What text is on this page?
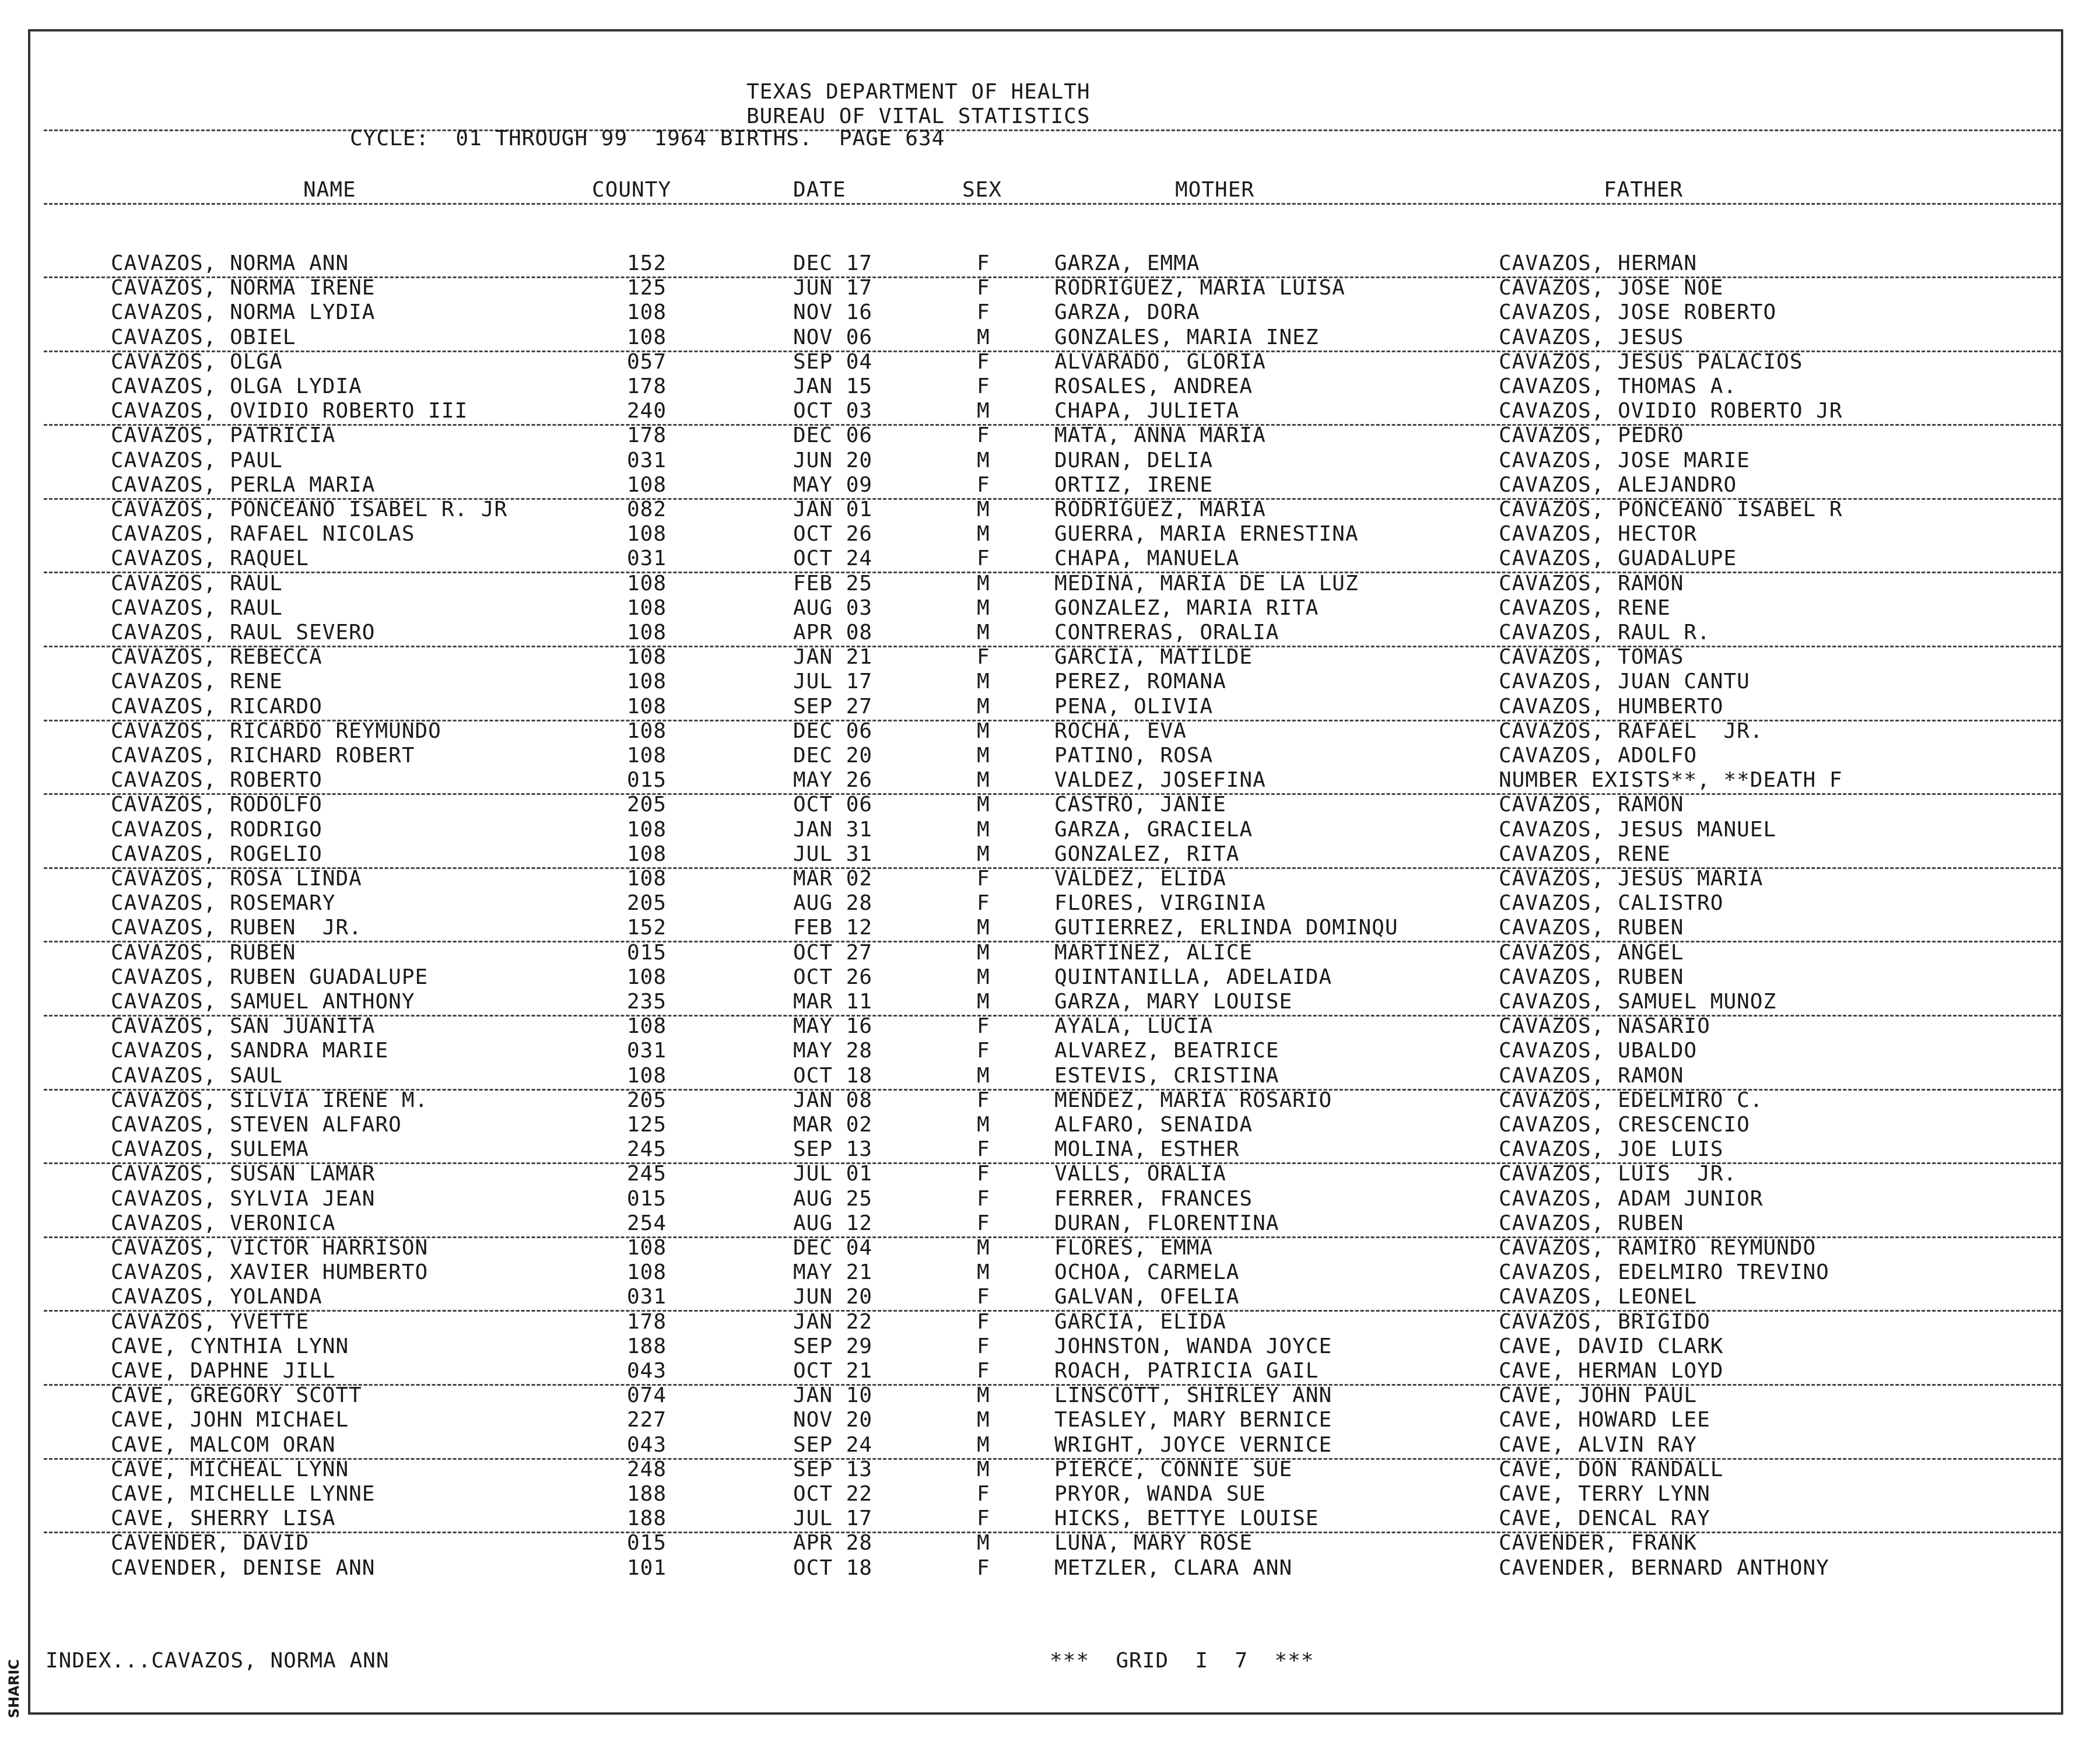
TEXAS DEPARTMENT OF HEALTH
BUREAU OF VITAL STATISTICS
CYCLE:  01 THROUGH 99  1964 BIRTHS.  PAGE 634
NAME	COUNTY	DATE	SEX	MOTHER	FATHER
CAVAZOS, NORMA ANN	152	DEC 17	F	GARZA, EMMA	CAVAZOS, HERMAN
CAVAZOS, NORMA IRENE	125	JUN 17	F	RODRIGUEZ, MARIA LUISA	CAVAZOS, JOSE NOE
CAVAZOS, NORMA LYDIA	108	NOV 16	F	GARZA, DORA	CAVAZOS, JOSE ROBERTO
CAVAZOS, OBIEL	108	NOV 06	M	GONZALES, MARIA INEZ	CAVAZOS, JESUS
CAVAZOS, OLGA	057	SEP 04	F	ALVARADO, GLORIA	CAVAZOS, JESUS PALACIOS
CAVAZOS, OLGA LYDIA	178	JAN 15	F	ROSALES, ANDREA	CAVAZOS, THOMAS A.
CAVAZOS, OVIDIO ROBERTO III	240	OCT 03	M	CHAPA, JULIETA	CAVAZOS, OVIDIO ROBERTO JR
CAVAZOS, PATRICIA	178	DEC 06	F	MATA, ANNA MARIA	CAVAZOS, PEDRO
CAVAZOS, PAUL	031	JUN 20	M	DURAN, DELIA	CAVAZOS, JOSE MARIE
CAVAZOS, PERLA MARIA	108	MAY 09	F	ORTIZ, IRENE	CAVAZOS, ALEJANDRO
CAVAZOS, PONCEANO ISABEL R. JR	082	JAN 01	M	RODRIGUEZ, MARIA	CAVAZOS, PONCEANO ISABEL R
CAVAZOS, RAFAEL NICOLAS	108	OCT 26	M	GUERRA, MARIA ERNESTINA	CAVAZOS, HECTOR
CAVAZOS, RAQUEL	031	OCT 24	F	CHAPA, MANUELA	CAVAZOS, GUADALUPE
CAVAZOS, RAUL	108	FEB 25	M	MEDINA, MARIA DE LA LUZ	CAVAZOS, RAMON
CAVAZOS, RAUL	108	AUG 03	M	GONZALEZ, MARIA RITA	CAVAZOS, RENE
CAVAZOS, RAUL SEVERO	108	APR 08	M	CONTRERAS, ORALIA	CAVAZOS, RAUL R.
CAVAZOS, REBECCA	108	JAN 21	F	GARCIA, MATILDE	CAVAZOS, TOMAS
CAVAZOS, RENE	108	JUL 17	M	PEREZ, ROMANA	CAVAZOS, JUAN CANTU
CAVAZOS, RICARDO	108	SEP 27	M	PENA, OLIVIA	CAVAZOS, HUMBERTO
CAVAZOS, RICARDO REYMUNDO	108	DEC 06	M	ROCHA, EVA	CAVAZOS, RAFAEL  JR.
CAVAZOS, RICHARD ROBERT	108	DEC 20	M	PATINO, ROSA	CAVAZOS, ADOLFO
CAVAZOS, ROBERTO	015	MAY 26	M	VALDEZ, JOSEFINA	NUMBER EXISTS**, **DEATH F
CAVAZOS, RODOLFO	205	OCT 06	M	CASTRO, JANIE	CAVAZOS, RAMON
CAVAZOS, RODRIGO	108	JAN 31	M	GARZA, GRACIELA	CAVAZOS, JESUS MANUEL
CAVAZOS, ROGELIO	108	JUL 31	M	GONZALEZ, RITA	CAVAZOS, RENE
CAVAZOS, ROSA LINDA	108	MAR 02	F	VALDEZ, ELIDA	CAVAZOS, JESUS MARIA
CAVAZOS, ROSEMARY	205	AUG 28	F	FLORES, VIRGINIA	CAVAZOS, CALISTRO
CAVAZOS, RUBEN  JR.	152	FEB 12	M	GUTIERREZ, ERLINDA DOMINQU	CAVAZOS, RUBEN
CAVAZOS, RUBEN	015	OCT 27	M	MARTINEZ, ALICE	CAVAZOS, ANGEL
CAVAZOS, RUBEN GUADALUPE	108	OCT 26	M	QUINTANILLA, ADELAIDA	CAVAZOS, RUBEN
CAVAZOS, SAMUEL ANTHONY	235	MAR 11	M	GARZA, MARY LOUISE	CAVAZOS, SAMUEL MUNOZ
CAVAZOS, SAN JUANITA	108	MAY 16	F	AYALA, LUCIA	CAVAZOS, NASARIO
CAVAZOS, SANDRA MARIE	031	MAY 28	F	ALVAREZ, BEATRICE	CAVAZOS, UBALDO
CAVAZOS, SAUL	108	OCT 18	M	ESTEVIS, CRISTINA	CAVAZOS, RAMON
CAVAZOS, SILVIA IRENE M.	205	JAN 08	F	MENDEZ, MARIA ROSARIO	CAVAZOS, EDELMIRO C.
CAVAZOS, STEVEN ALFARO	125	MAR 02	M	ALFARO, SENAIDA	CAVAZOS, CRESCENCIO
CAVAZOS, SULEMA	245	SEP 13	F	MOLINA, ESTHER	CAVAZOS, JOE LUIS
CAVAZOS, SUSAN LAMAR	245	JUL 01	F	VALLS, ORALIA	CAVAZOS, LUIS  JR.
CAVAZOS, SYLVIA JEAN	015	AUG 25	F	FERRER, FRANCES	CAVAZOS, ADAM JUNIOR
CAVAZOS, VERONICA	254	AUG 12	F	DURAN, FLORENTINA	CAVAZOS, RUBEN
CAVAZOS, VICTOR HARRISON	108	DEC 04	M	FLORES, EMMA	CAVAZOS, RAMIRO REYMUNDO
CAVAZOS, XAVIER HUMBERTO	108	MAY 21	M	OCHOA, CARMELA	CAVAZOS, EDELMIRO TREVINO
CAVAZOS, YOLANDA	031	JUN 20	F	GALVAN, OFELIA	CAVAZOS, LEONEL
CAVAZOS, YVETTE	178	JAN 22	F	GARCIA, ELIDA	CAVAZOS, BRIGIDO
CAVE, CYNTHIA LYNN	188	SEP 29	F	JOHNSTON, WANDA JOYCE	CAVE, DAVID CLARK
CAVE, DAPHNE JILL	043	OCT 21	F	ROACH, PATRICIA GAIL	CAVE, HERMAN LOYD
CAVE, GREGORY SCOTT	074	JAN 10	M	LINSCOTT, SHIRLEY ANN	CAVE, JOHN PAUL
CAVE, JOHN MICHAEL	227	NOV 20	M	TEASLEY, MARY BERNICE	CAVE, HOWARD LEE
CAVE, MALCOM ORAN	043	SEP 24	M	WRIGHT, JOYCE VERNICE	CAVE, ALVIN RAY
CAVE, MICHEAL LYNN	248	SEP 13	M	PIERCE, CONNIE SUE	CAVE, DON RANDALL
CAVE, MICHELLE LYNNE	188	OCT 22	F	PRYOR, WANDA SUE	CAVE, TERRY LYNN
CAVE, SHERRY LISA	188	JUL 17	F	HICKS, BETTYE LOUISE	CAVE, DENCAL RAY
CAVENDER, DAVID	015	APR 28	M	LUNA, MARY ROSE	CAVENDER, FRANK
CAVENDER, DENISE ANN	101	OCT 18	F	METZLER, CLARA ANN	CAVENDER, BERNARD ANTHONY
INDEX...CAVAZOS, NORMA ANN	***  GRID  I  7  ***
SHARIC
